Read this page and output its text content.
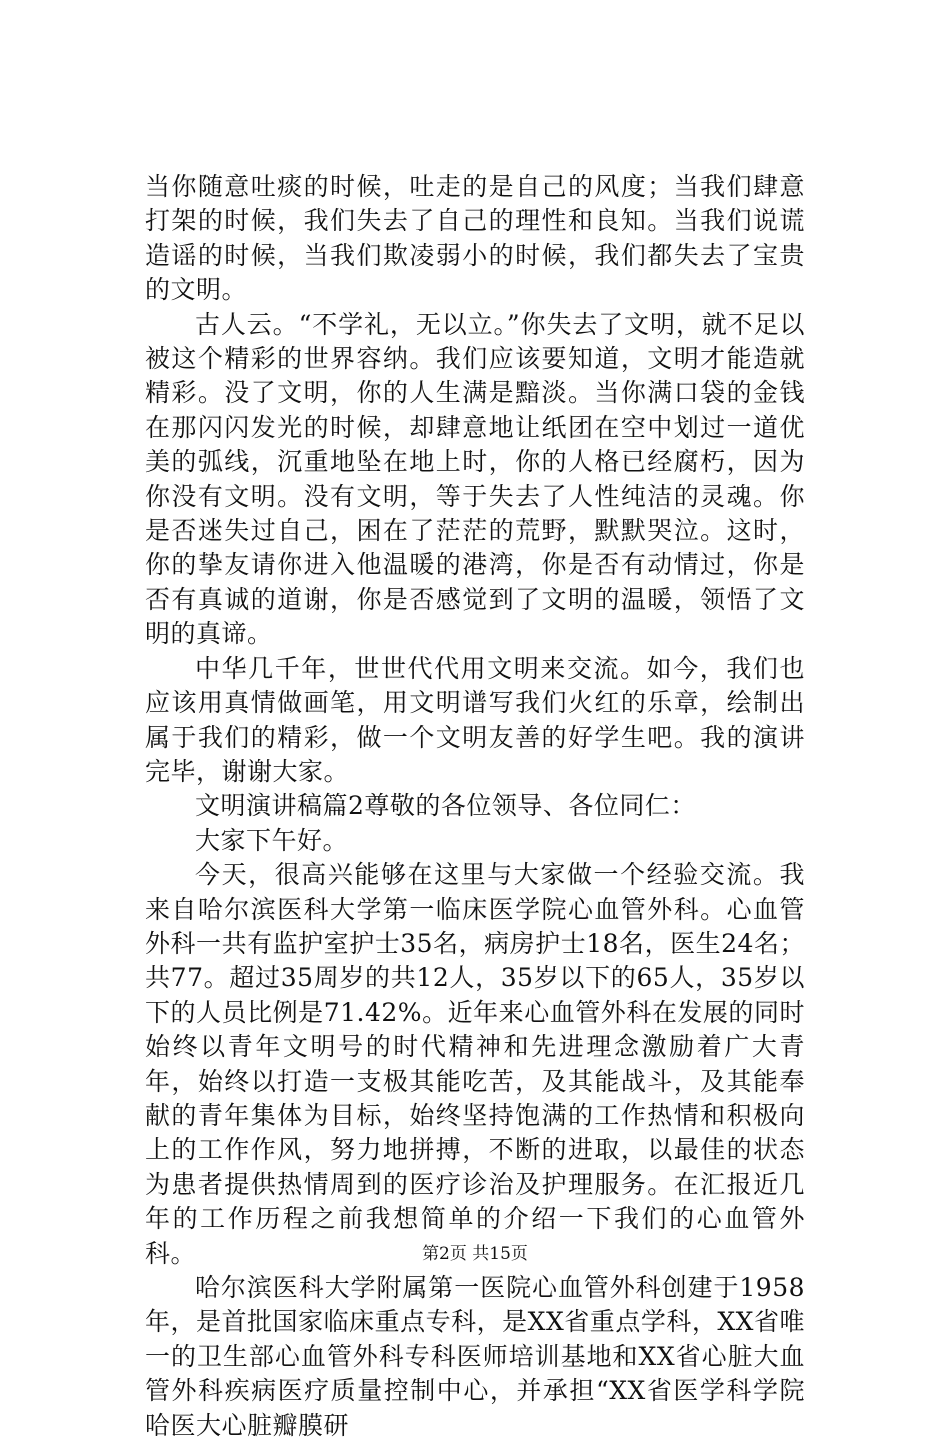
当你随意吐痰的时候，吐走的是自己的风度；当我们肆意打架的时候，我们失去了自己的理性和良知。当我们说谎造谣的时候，当我们欺凌弱小的时候，我们都失去了宝贵的文明。

古人云。“不学礼，无以立。”你失去了文明，就不足以被这个精彩的世界容纳。我们应该要知道，文明才能造就精彩。没了文明，你的人生满是黯淡。当你满口袋的金钱在那闪闪发光的时候，却肆意地让纸团在空中划过一道优美的弧线，沉重地坠在地上时，你的人格已经腐朽，因为你没有文明。没有文明，等于失去了人性纯洁的灵魂。你是否迷失过自己，困在了茫茫的荒野，默默哭泣。这时，你的挚友请你进入他温暖的港湾，你是否有动情过，你是否有真诚的道谢，你是否感觉到了文明的温暖，领悟了文明的真谛。

中华几千年，世世代代用文明来交流。如今，我们也应该用真情做画笔，用文明谱写我们火红的乐章，绘制出属于我们的精彩，做一个文明友善的好学生吧。我的演讲完毕，谢谢大家。

文明演讲稿篇2尊敬的各位领导、各位同仁：

大家下午好。

今天，很高兴能够在这里与大家做一个经验交流。我来自哈尔滨医科大学第一临床医学院心血管外科。心血管外科一共有监护室护士35名，病房护士18名，医生24名；共77。超过35周岁的共12人，35岁以下的65人，35岁以下的人员比例是71.42%。近年来心血管外科在发展的同时始终以青年文明号的时代精神和先进理念激励着广大青年，始终以打造一支极其能吃苦，及其能战斗，及其能奉献的青年集体为目标，始终坚持饱满的工作热情和积极向上的工作作风，努力地拼搏，不断的进取，以最佳的状态为患者提供热情周到的医疗诊治及护理服务。在汇报近几年的工作历程之前我想简单的介绍一下我们的心血管外科。

哈尔滨医科大学附属第一医院心血管外科创建于1958年，是首批国家临床重点专科，是XX省重点学科，XX省唯一的卫生部心血管外科专科医师培训基地和XX省心脏大血管外科疾病医疗质量控制中心，并承担“XX省医学科学院哈医大心脏瓣膜研

第2页 共15页
